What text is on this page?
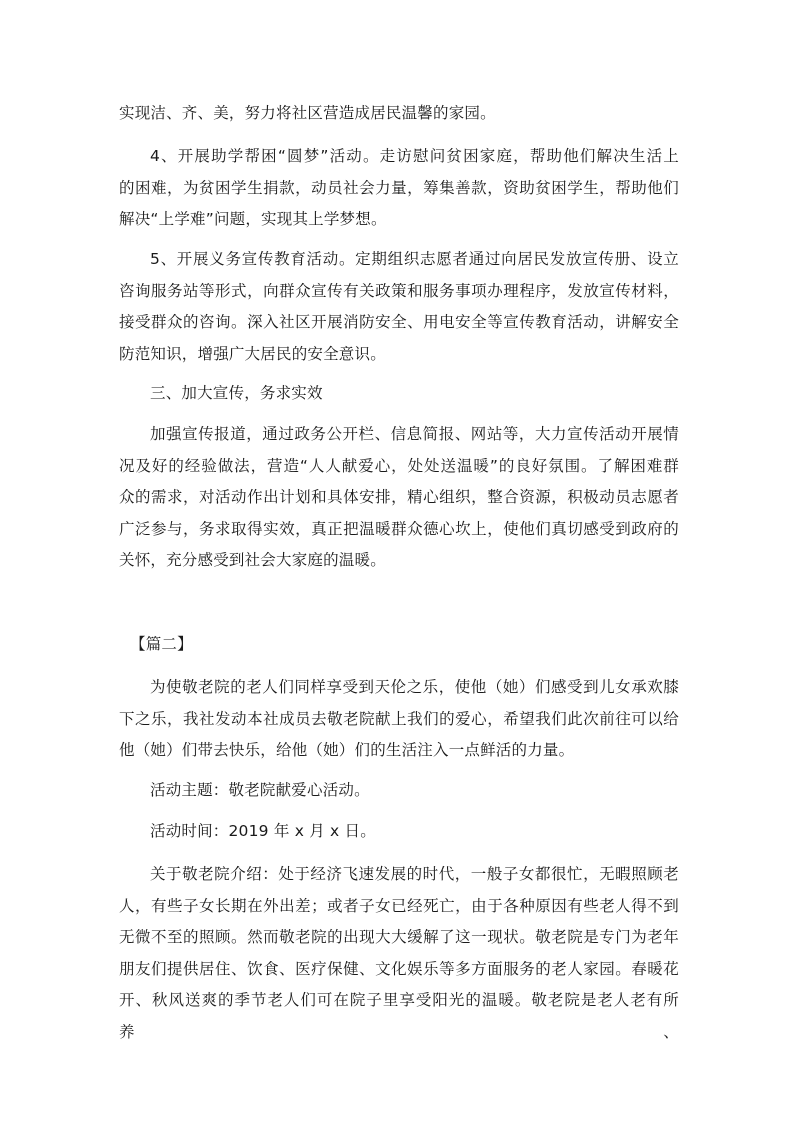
实现洁、齐、美，努力将社区营造成居民温馨的家园。
4、开展助学帮困“圆梦”活动。走访慰问贫困家庭，帮助他们解决生活上
的困难，为贫困学生捐款，动员社会力量，筹集善款，资助贫困学生，帮助他们
解决“上学难”问题，实现其上学梦想。
5、开展义务宣传教育活动。定期组织志愿者通过向居民发放宣传册、设立
咨询服务站等形式，向群众宣传有关政策和服务事项办理程序，发放宣传材料，
接受群众的咨询。深入社区开展消防安全、用电安全等宣传教育活动，讲解安全
防范知识，增强广大居民的安全意识。
三、加大宣传，务求实效
加强宣传报道，通过政务公开栏、信息简报、网站等，大力宣传活动开展情
况及好的经验做法，营造“人人献爱心，处处送温暖”的良好氛围。了解困难群
众的需求，对活动作出计划和具体安排，精心组织，整合资源，积极动员志愿者
广泛参与，务求取得实效，真正把温暖群众德心坎上，使他们真切感受到政府的
关怀，充分感受到社会大家庭的温暖。
【篇二】
为使敬老院的老人们同样享受到天伦之乐，使他（她）们感受到儿女承欢膝
下之乐，我社发动本社成员去敬老院献上我们的爱心，希望我们此次前往可以给
他（她）们带去快乐，给他（她）们的生活注入一点鲜活的力量。
活动主题：敬老院献爱心活动。
活动时间：2019 年 x 月 x 日。
关于敬老院介绍：处于经济飞速发展的时代，一般子女都很忙，无暇照顾老
人，有些子女长期在外出差；或者子女已经死亡，由于各种原因有些老人得不到
无微不至的照顾。然而敬老院的出现大大缓解了这一现状。敬老院是专门为老年
朋友们提供居住、饮食、医疗保健、文化娱乐等多方面服务的老人家园。春暖花
开、秋风送爽的季节老人们可在院子里享受阳光的温暖。敬老院是老人老有所养、
